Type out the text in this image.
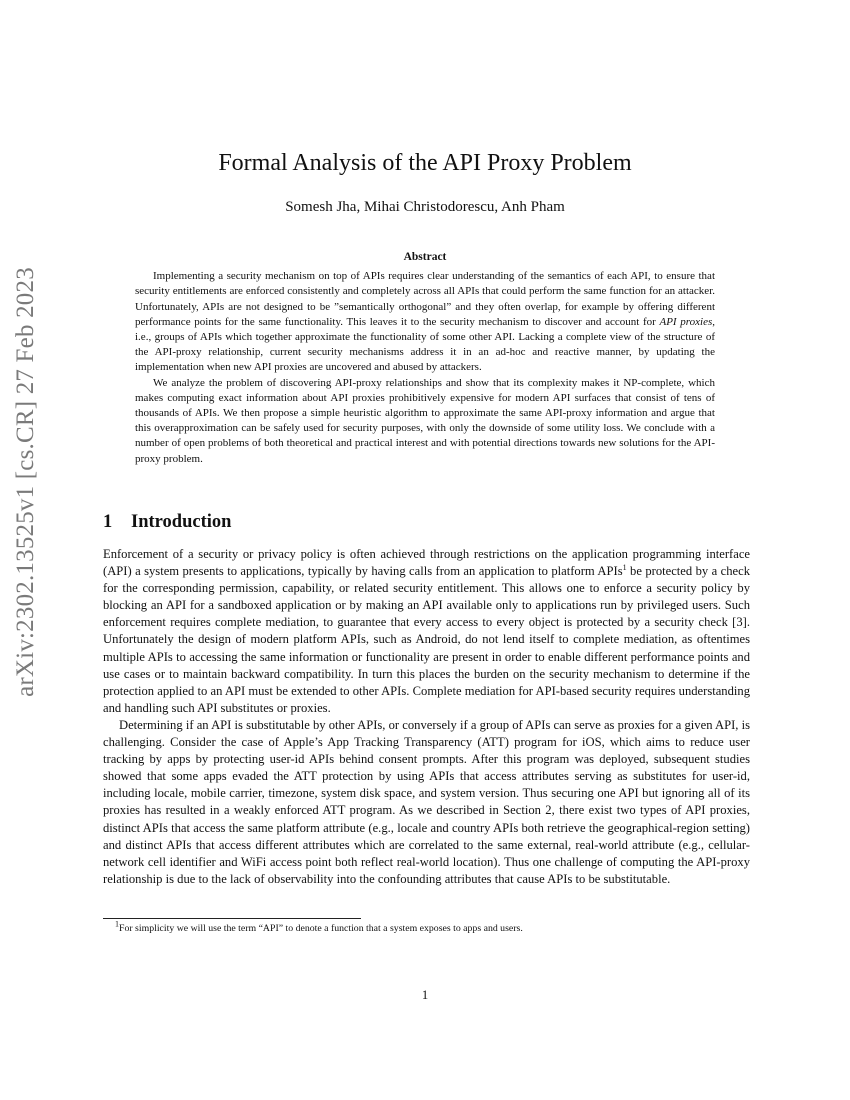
arXiv:2302.13525v1 [cs.CR] 27 Feb 2023
Formal Analysis of the API Proxy Problem
Somesh Jha, Mihai Christodorescu, Anh Pham
Abstract

Implementing a security mechanism on top of APIs requires clear understanding of the semantics of each API, to ensure that security entitlements are enforced consistently and completely across all APIs that could perform the same function for an attacker. Unfortunately, APIs are not designed to be ”semantically orthogonal” and they often overlap, for example by offering different performance points for the same functionality. This leaves it to the security mechanism to discover and account for API proxies, i.e., groups of APIs which together approximate the functionality of some other API. Lacking a complete view of the structure of the API-proxy relationship, current security mechanisms address it in an ad-hoc and reactive manner, by updating the implementation when new API proxies are uncovered and abused by attackers.

We analyze the problem of discovering API-proxy relationships and show that its complexity makes it NP-complete, which makes computing exact information about API proxies prohibitively expensive for modern API surfaces that consist of tens of thousands of APIs. We then propose a simple heuristic algorithm to approximate the same API-proxy information and argue that this overapproximation can be safely used for security purposes, with only the downside of some utility loss. We conclude with a number of open problems of both theoretical and practical interest and with potential directions towards new solutions for the API-proxy problem.

1 Introduction

Enforcement of a security or privacy policy is often achieved through restrictions on the application programming interface (API) a system presents to applications, typically by having calls from an application to platform APIs$^1$ be protected by a check for the corresponding permission, capability, or related security entitlement. This allows one to enforce a security policy by blocking an API for a sandboxed application or by making an API available only to applications run by privileged users. Such enforcement requires complete mediation, to guarantee that every access to every object is protected by a security check [3]. Unfortunately the design of modern platform APIs, such as Android, do not lend itself to complete mediation, as oftentimes multiple APIs to accessing the same information or functionality are present in order to enable different performance points and use cases or to maintain backward compatibility. In turn this places the burden on the security mechanism to determine if the protection applied to an API must be extended to other APIs. Complete mediation for API-based security requires understanding and handling such API substitutes or proxies.

Determining if an API is substitutable by other APIs, or conversely if a group of APIs can serve as proxies for a given API, is challenging. Consider the case of Apple’s App Tracking Transparency (ATT) program for iOS, which aims to reduce user tracking by apps by protecting user-id APIs behind consent prompts. After this program was deployed, subsequent studies showed that some apps evaded the ATT protection by using APIs that access attributes serving as substitutes for user-id, including locale, mobile carrier, timezone, system disk space, and system version. Thus securing one API but ignoring all of its proxies has resulted in a weakly enforced ATT program. As we described in Section 2, there exist two types of API proxies, distinct APIs that access the same platform attribute (e.g., locale and country APIs both retrieve the geographical-region setting) and distinct APIs that access different attributes which are correlated to the same external, real-world attribute (e.g., cellular-network cell identifier and WiFi access point both reflect real-world location). Thus one challenge of computing the API-proxy relationship is due to the lack of observability into the confounding attributes that cause APIs to be substitutable.

$^1$For simplicity we will use the term “API” to denote a function that a system exposes to apps and users.
1
